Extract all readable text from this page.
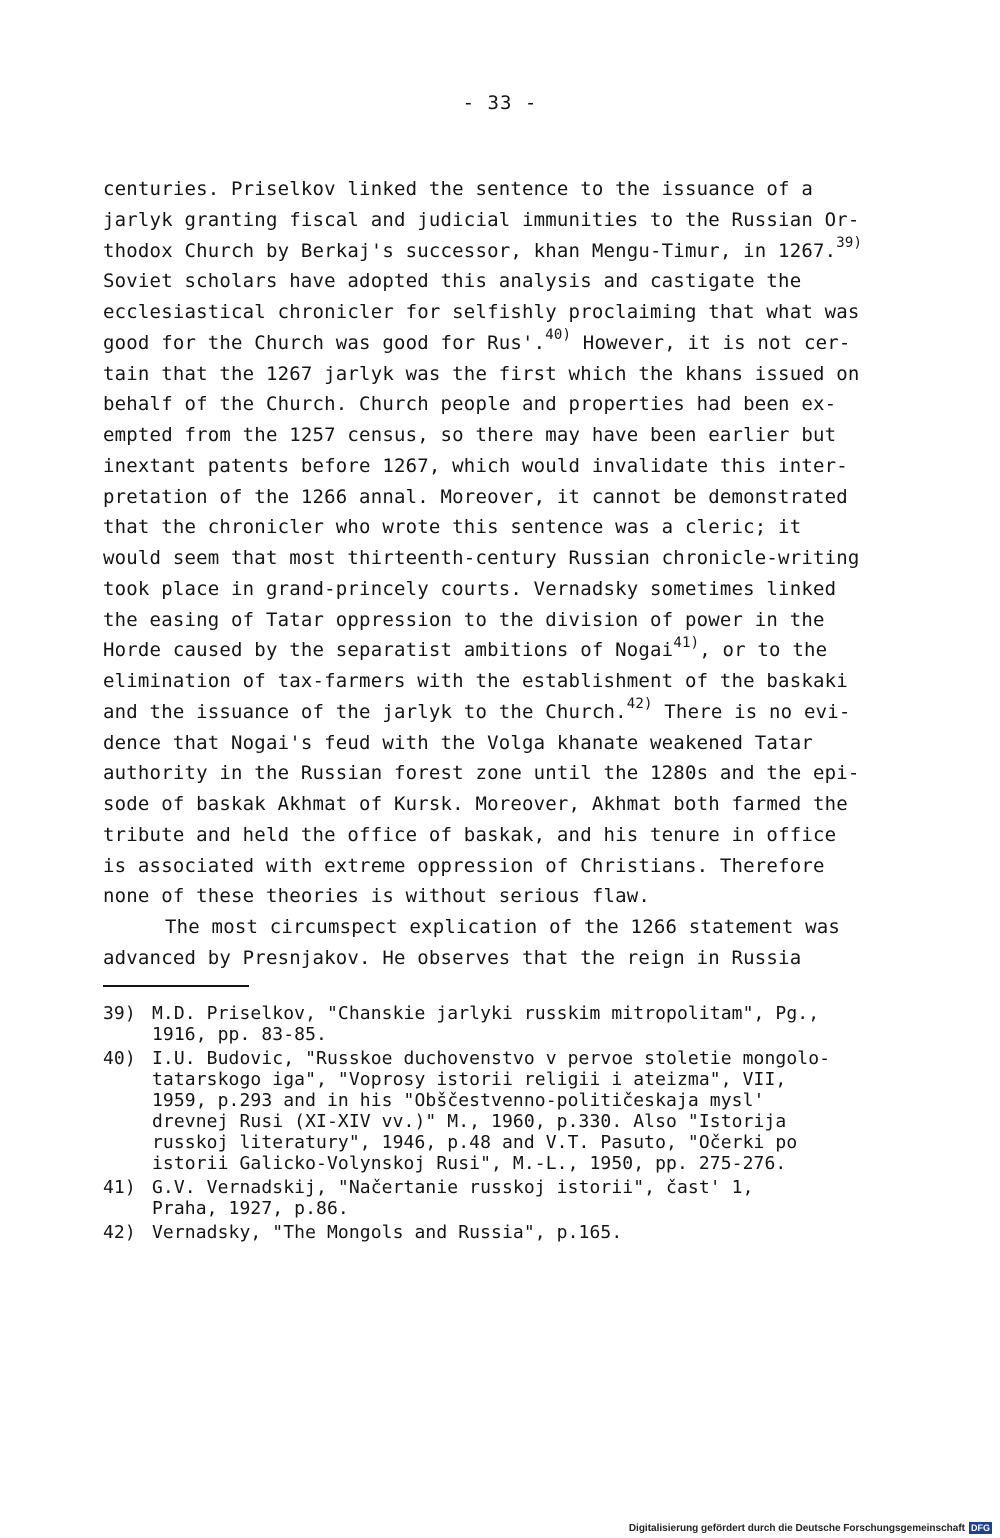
- 33 -
centuries. Priselkov linked the sentence to the issuance of a
jarlyk granting fiscal and judicial immunities to the Russian Or-
thodox Church by Berkaj's successor, khan Mengu-Timur, in 1267.$^{39)}$
Soviet scholars have adopted this analysis and castigate the
ecclesiastical chronicler for selfishly proclaiming that what was
good for the Church was good for Rus'.$^{40)}$ However, it is not cer-
tain that the 1267 jarlyk was the first which the khans issued on
behalf of the Church. Church people and properties had been ex-
empted from the 1257 census, so there may have been earlier but
inextant patents before 1267, which would invalidate this inter-
pretation of the 1266 annal. Moreover, it cannot be demonstrated
that the chronicler who wrote this sentence was a cleric; it
would seem that most thirteenth-century Russian chronicle-writing
took place in grand-princely courts. Vernadsky sometimes linked
the easing of Tatar oppression to the division of power in the
Horde caused by the separatist ambitions of Nogai$^{41)}$, or to the
elimination of tax-farmers with the establishment of the baskaki
and the issuance of the jarlyk to the Church.$^{42)}$ There is no evi-
dence that Nogai's feud with the Volga khanate weakened Tatar
authority in the Russian forest zone until the 1280s and the epi-
sode of baskak Akhmat of Kursk. Moreover, Akhmat both farmed the
tribute and held the office of baskak, and his tenure in office
is associated with extreme oppression of Christians. Therefore
none of these theories is without serious flaw.
The most circumspect explication of the 1266 statement was
advanced by Presnjakov. He observes that the reign in Russia
39) M.D. Priselkov, "Chanskie jarlyki russkim mitropolitam", Pg.,
1916, pp. 83-85.
40) I.U. Budovic, "Russkoe duchovenstvo v pervoe stoletie mongolo-
tatarskogo iga", "Voprosy istorii religii i ateizma", VII,
1959, p.293 and in his "Obščestvenno-političeskaja mysl'
drevnej Rusi (XI-XIV vv.)" M., 1960, p.330. Also "Istorija
russkoj literatury", 1946, p.48 and V.T. Pasuto, "Očerki po
istorii Galicko-Volynskoj Rusi", M.-L., 1950, pp. 275-276.
41) G.V. Vernadskij, "Načertanie russkoj istorii", čast' 1,
Praha, 1927, p.86.
42) Vernadsky, "The Mongols and Russia", p.165.
Digitalisierung gefördert durch die Deutsche Forschungsgemeinschaft DFG
